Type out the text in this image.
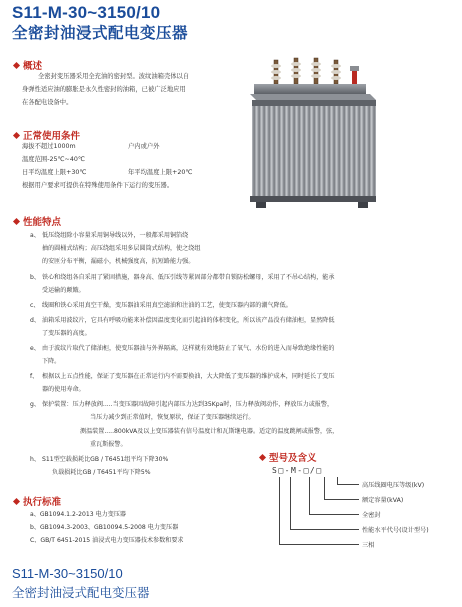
S11-M-30~3150/10
全密封油浸式配电变压器
概述
全密封变压器采用全充油的密封型。波纹油箱壳体以自
身弹性适应油的膨胀是永久性密封的油箱，已被广泛地应用
在各配电设备中。
正常使用条件
海拔不超过1000m	户内或户外
温度范围-25℃~40℃
日平均温度上限+30℃	年平均温度上限+20℃
根据用户要求可提供在特殊使用条件下运行的变压器。
性能特点
a、 低压绕组除小容量采用铜导线以外，一般都采用铜箔绕
抽的圆桶式结构；高压绕组采用多层圆筒式结构，使之绕组
的安匝分布平衡，漏磁小，机械强度高，抗短路能力强。
b、 铁心和绕组各自采用了紧固措施，器身高、低压引线等紧固部分都带自锁防松螺母，采用了不吊心结构，能承
受运输的颠簸。
c、 线圈和铁心采用真空干燥，变压器油采用真空滤油和注油的工艺，使变压器内部的潮气降低。
d、 油箱采用波纹片，它具有呼吸功能来补偿因温度变化而引起油的体积变化，所以该产品没有储油柜，显然降低
了变压器的高度。
e、 由于波纹片取代了储油柜，使变压器油与外界隔离，这样就有效地防止了氧气、水份的进入而导致绝缘性能的
下降。
f、 根据以上五点性能，保证了变压器在正常运行内不需要换油，大大降低了变压器的维护成本，同时延长了变压
器的使用寿命。
g、 保护装置：压力释放阀.....当变压器因故障引起内部压力达到35Kpa时，压力释放阀动作，释放压力或报警，
当压力减少到正常值时，恢复原状，保证了变压器继续运行。
测温装置.....800kVA及以上变压器装有信号温度计和瓦斯继电器。适定的温度跳闸或报警，弦，
重瓦斯报警。
h、 S11型空载损耗比GB / T6451组平均下降30%
负载损耗比GB / T6451平均下降5%
执行标准
a、GB1094.1.2-2013 电力变压器
b、GB1094.3-2003、GB10094.5-2008 电力变压器
C、GB/T 6451-2015 油浸式电力变压器技术参数和要求
型号及含义
S□-M-□/□
高压线圈电压等级(kV)
额定容量(kVA)
全密封
性能水平代号(设计型号)
三相
S11-M-30~3150/10
全密封油浸式配电变压器
